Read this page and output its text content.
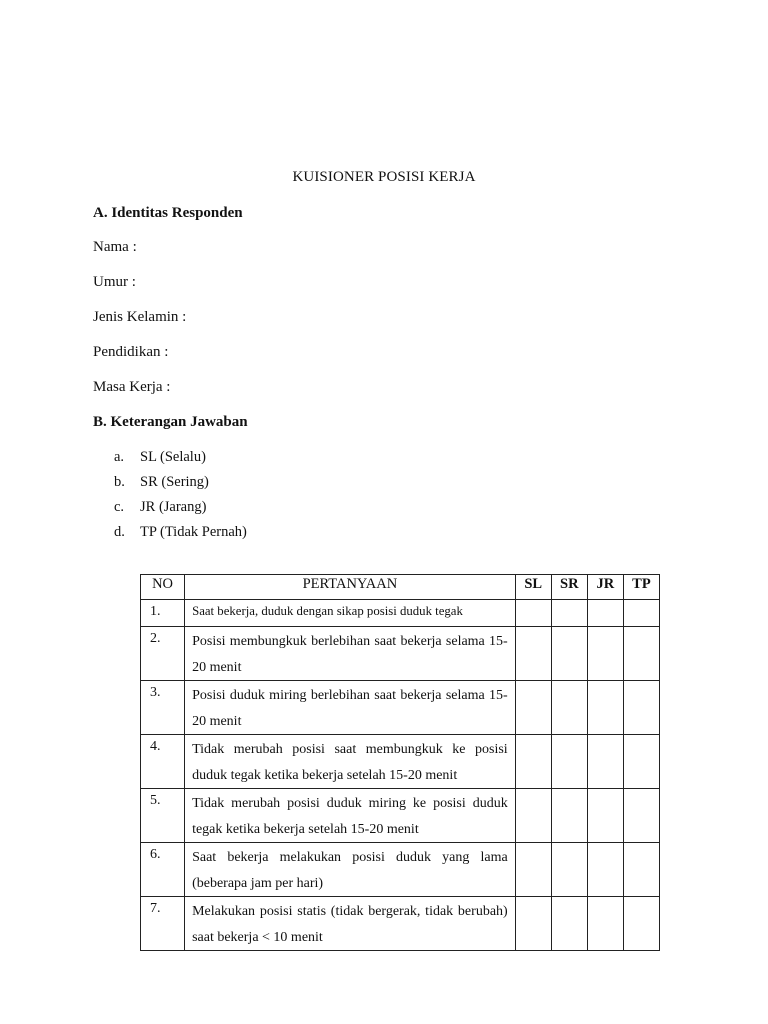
KUISIONER POSISI KERJA
A. Identitas Responden
Nama :
Umur :
Jenis Kelamin :
Pendidikan :
Masa Kerja :
B. Keterangan Jawaban
a.	SL (Selalu)
b.	SR (Sering)
c.	JR (Jarang)
d.	TP (Tidak Pernah)
NO	PERTANYAAN	SL	SR	JR	TP
1.	Saat bekerja, duduk dengan sikap posisi duduk tegak				
2.	Posisi membungkuk berlebihan saat bekerja selama 15-20 menit				
3.	Posisi duduk miring berlebihan saat bekerja selama 15-20 menit				
4.	Tidak merubah posisi saat membungkuk ke posisi duduk tegak ketika bekerja setelah 15-20 menit				
5.	Tidak merubah posisi duduk miring ke posisi duduk tegak ketika bekerja setelah 15-20 menit				
6.	Saat bekerja melakukan posisi duduk yang lama (beberapa jam per hari)				
7.	Melakukan posisi statis (tidak bergerak, tidak berubah) saat bekerja < 10 menit				
